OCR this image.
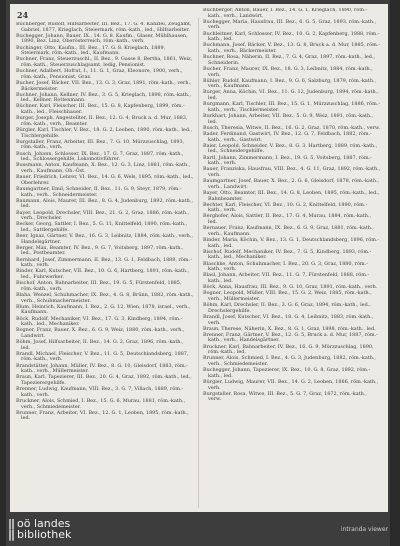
24

Buchberger, Rudolf, Hilfsarbeiter, III. Bez., 17. G. 4. Kanzlei, Zeugamt, Gabriel, 1877, Krieglach, Steiermark, röm.-kath., led., Hilfsarbeiter.

Buchegger, Johann, Bauer, IX., 14. G. 8. Kaufm., Glaser, Mühlhausen, 1890, Bez. Linz, Oberösterreich, röm.-kath., verh.

Buchinger, Otto, Kaufm., III. Bez., 17. G. 8. Krieglach, 1889, Steiermark, röm.-kath., led., Kaufmann.

Buchner, Franz, Steuerzuschl., II. Bez., 9. Gasse 8, Bertha, 1861, Weiz, röm.-kath., Steuerzuschlagsamt, ledig, Pensionist.

Buchner, Adalbert, Hofrat, I., 11. G. 1, Graz, Eleonore, 1900, verh., röm.-kath., Pensionist, Graz.

Bucher, Josef, Bäcker, VII. Bez., 13. G. 3, Graz, 1891, röm.-kath., verh., Bäckermeister.

Buchner, Johann, Kellner, IV. Bez., 3. G. 5, Krieglach, 1898, röm.-kath., led., Kellner, Rottenmann.

Büchner, Karl, Fleischer, III. Bez., 15. G. 8, Kapfenberg, 1899, röm.-kath., led., Fleischhauer.

Burger, Joseph, Angestellter, II. Bez., 12. G. 4, Bruck a. d. Mur, 1883, röm.-kath., verh., Beamter.

Bürgler, Karl, Tischler, V. Bez., 18. G. 2, Leoben, 1890, röm.-kath., led., Tischlergehilfe.

Burgstaller, Franz, Arbeiter, III. Bez., 7. G. 10, Mürzzuschlag, 1893, röm.-kath., verh.

Busch, Johann, Schlosser, IX. Bez., 17. G. 7, Graz, 1887, röm.-kath., led., Schlossergehilfe, Lokomotivführer.

Bussmann, Anton, Kaufmann, X. Bez., 12. G. 3, Linz, 1881, röm.-kath., verh., Kaufmann, Ob.-Öst.

Bauer, Friedrich, Lehrer, VI. Bez., 14. G. 6, Wels, 1895, röm.-kath., led., Oberlehrer.

Baumgartner, Emil, Schneider, II. Bez., 11. G. 9, Steyr, 1879, röm.-kath., verh., Schneidermeister.

Baumann, Alois, Maurer, III. Bez., 8. G. 4, Judenburg, 1892, röm.-kath., led.

Bayer, Leopold, Drechsler, VIII. Bez., 21. G. 2, Graz, 1886, röm.-kath., verh., Drechsler.

Becker, Georg, Sattler, I. Bez., 5. G. 11, Knittelfeld, 1890, röm.-kath., led., Sattlergehilfe.

Beer, Ignaz, Gärtner, V. Bez., 16. G. 3, Leibnitz, 1884, röm.-kath., verh., Handelsgärtner.

Berger, Max, Beamter, IV. Bez., 9. G. 7, Voitsberg, 1897, röm.-kath., led., Postbeamter.

Bernhard, Josef, Zimmermann, II. Bez., 13. G. 1, Feldbach, 1888, röm.-kath., verh.

Binder, Karl, Kutscher, VII. Bez., 10. G. 6, Hartberg, 1891, röm.-kath., led., Fuhrwerker.

Bischof, Anton, Bahnarbeiter, III. Bez., 19. G. 5, Fürstenfeld, 1885, röm.-kath., verh.

Blaha, Wenzel, Schuhmacher, IX. Bez., 4. G. 8, Brünn, 1882, röm.-kath., verh., Schuhmachermeister.

Blum, Heinrich, Kaufmann, I. Bez., 2. G. 12, Wien, 1878, israel., verh., Kaufmann.

Böck, Rudolf, Mechaniker, VI. Bez., 17. G. 3, Kindberg, 1894, röm.-kath., led., Mechaniker.

Bogner, Franz, Bauer, X. Bez., 6. G. 9, Weiz, 1880, röm.-kath., verh., Landwirt.

Böhm, Josef, Hilfsarbeiter, II. Bez., 14. G. 2, Graz, 1896, röm.-kath., led.

Brandl, Michael, Fleischer, V. Bez., 11. G. 5, Deutschlandsberg, 1887, röm.-kath., verh.

Brandstätter, Johann, Müller, IV. Bez., 8. G. 10, Gleisdorf, 1883, röm.-kath., verh., Müllermeister.

Braun, Karl, Tapezierer, III. Bez., 20. G. 4, Graz, 1892, röm.-kath., led., Tapezierergehilfe.

Brenner, Ludwig, Kaufmann, VIII. Bez., 3. G. 7, Villach, 1889, röm.-kath., verh.

Bruckner, Alois, Schmied, I. Bez., 15. G. 6, Murau, 1881, röm.-kath., verh., Schmiedemeister.

Brunner, Franz, Arbeiter, VI. Bez., 12. G. 1, Leoben, 1895, röm.-kath., led.

Buchberger, Anton, Bauer, I. Bez., 14. G. 1, Krieglach, 1890, röm.-kath., verh., Landwirt.

Buchegger, Maria, Hausfrau, III. Bez., 6. G. 5, Graz, 1893, röm.-kath., verh.

Buchleitner, Karl, Schlosser, IV. Bez., 10. G. 2, Kapfenberg, 1888, röm.-kath., led.

Buchmann, Josef, Bäcker, V. Bez., 13. G. 8, Bruck a. d. Mur, 1885, röm.-kath., verh., Bäckermeister.

Buchner, Rosa, Näherin, II. Bez., 7. G. 4, Graz, 1897, röm.-kath., led., Schneiderin.

Bucher, Franz, Maurer, IX. Bez., 18. G. 3, Leibnitz, 1884, röm.-kath., verh.

Bühler, Rudolf, Kaufmann, I. Bez., 9. G. 6, Salzburg, 1879, röm.-kath., verh., Kaufmann.

Burger, Anna, Köchin, VI. Bez., 11. G. 12, Judenburg, 1894, röm.-kath., led.

Burgmann, Karl, Tischler, III. Bez., 15. G. 1, Mürzzuschlag, 1886, röm.-kath., verh., Tischlermeister.

Burkhart, Johann, Arbeiter, VII. Bez., 5. G. 9, Weiz, 1891, röm.-kath., led.

Busch, Theresia, Witwe, II. Bez., 16. G. 2, Graz, 1870, röm.-kath., verw.

Bader, Ferdinand, Gastwirt, IV. Bez., 12. G. 7, Feldbach, 1882, röm.-kath., verh., Gastwirt.

Baier, Leopold, Schneider, V. Bez., 8. G. 3, Hartberg, 1889, röm.-kath., led., Schneidergehilfe.

Bartl, Johann, Zimmermann, I. Bez., 19. G. 5, Voitsberg, 1887, röm.-kath., verh.

Bauer, Franziska, Hausfrau, VIII. Bez., 4. G. 11, Graz, 1892, röm.-kath., verh.

Baumgartner, Josef, Bauer, X. Bez., 2. G. 6, Gleisdorf, 1878, röm.-kath., verh., Landwirt.

Bayer, Otto, Beamter, III. Bez., 14. G. 8, Leoben, 1895, röm.-kath., led., Bahnbeamter.

Bechter, Karl, Fleischer, VI. Bez., 10. G. 2, Knittelfeld, 1890, röm.-kath., verh.

Berghofer, Alois, Sattler, II. Bez., 17. G. 4, Murau, 1884, röm.-kath., led.

Bernauer, Franz, Kaufmann, IX. Bez., 6. G. 9, Graz, 1881, röm.-kath., verh., Kaufmann.

Binder, Maria, Köchin, V. Bez., 13. G. 1, Deutschlandsberg, 1896, röm.-kath., led.

Bischof, Rudolf, Mechaniker, IV. Bez., 7. G. 5, Kindberg, 1893, röm.-kath., led., Mechaniker.

Blaschke, Anton, Schuhmacher, I. Bez., 20. G. 3, Graz, 1880, röm.-kath., verh.

Blasl, Johann, Arbeiter, VII. Bez., 11. G. 7, Fürstenfeld, 1888, röm.-kath., led.

Böck, Anna, Hausfrau, III. Bez., 9. G. 10, Graz, 1891, röm.-kath., verh.

Bogner, Leopold, Müller, VIII. Bez., 15. G. 2, Weiz, 1885, röm.-kath., verh., Müllermeister.

Böhm, Karl, Drechsler, II. Bez., 3. G. 6, Graz, 1894, röm.-kath., led., Drechslergehilfe.

Brandl, Josef, Kutscher, VI. Bez., 18. G. 4, Leibnitz, 1883, röm.-kath., verh.

Braun, Therese, Näherin, X. Bez., 8. G. 1, Graz, 1898, röm.-kath., led.

Brenner, Franz, Gärtner, V. Bez., 12. G. 5, Bruck a. d. Mur, 1887, röm.-kath., verh., Handelsgärtner.

Bruckner, Karl, Bahnarbeiter, IV. Bez., 16. G. 9, Mürzzuschlag, 1890, röm.-kath., led.

Brunner, Alois, Schmied, I. Bez., 4. G. 3, Judenburg, 1882, röm.-kath., verh., Schmiedemeister.

Buchegger, Johann, Tapezierer, IX. Bez., 10. G. 8, Graz, 1892, röm.-kath., led.

Bürgler, Ludwig, Maurer, VII. Bez., 14. G. 2, Leoben, 1886, röm.-kath., verh.

Burgstaller, Rosa, Witwe, III. Bez., 5. G. 7, Graz, 1872, röm.-kath., verw.

|| oö landes
|| bibliothek	intranda viewer
